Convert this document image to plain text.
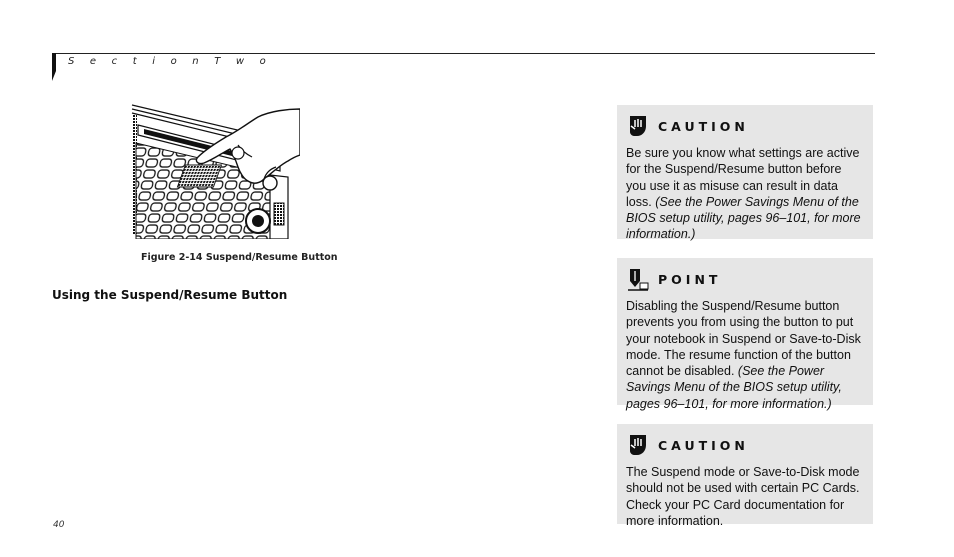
S e c t i o n T w o
Figure 2-14 Suspend/Resume Button
Using the Suspend/Resume Button
CAUTION
Be sure you know what settings are active for the Suspend/Resume button before you use it as misuse can result in data loss. (See the Power Savings Menu of the BIOS setup utility, pages 96–101, for more information.)
POINT
Disabling the Suspend/Resume button prevents you from using the button to put your notebook in Suspend or Save-to-Disk mode. The resume function of the button cannot be disabled. (See the Power Savings Menu of the BIOS setup utility, pages 96–101, for more information.)
CAUTION
The Suspend mode or Save-to-Disk mode should not be used with certain PC Cards. Check your PC Card documentation for more information.
40
